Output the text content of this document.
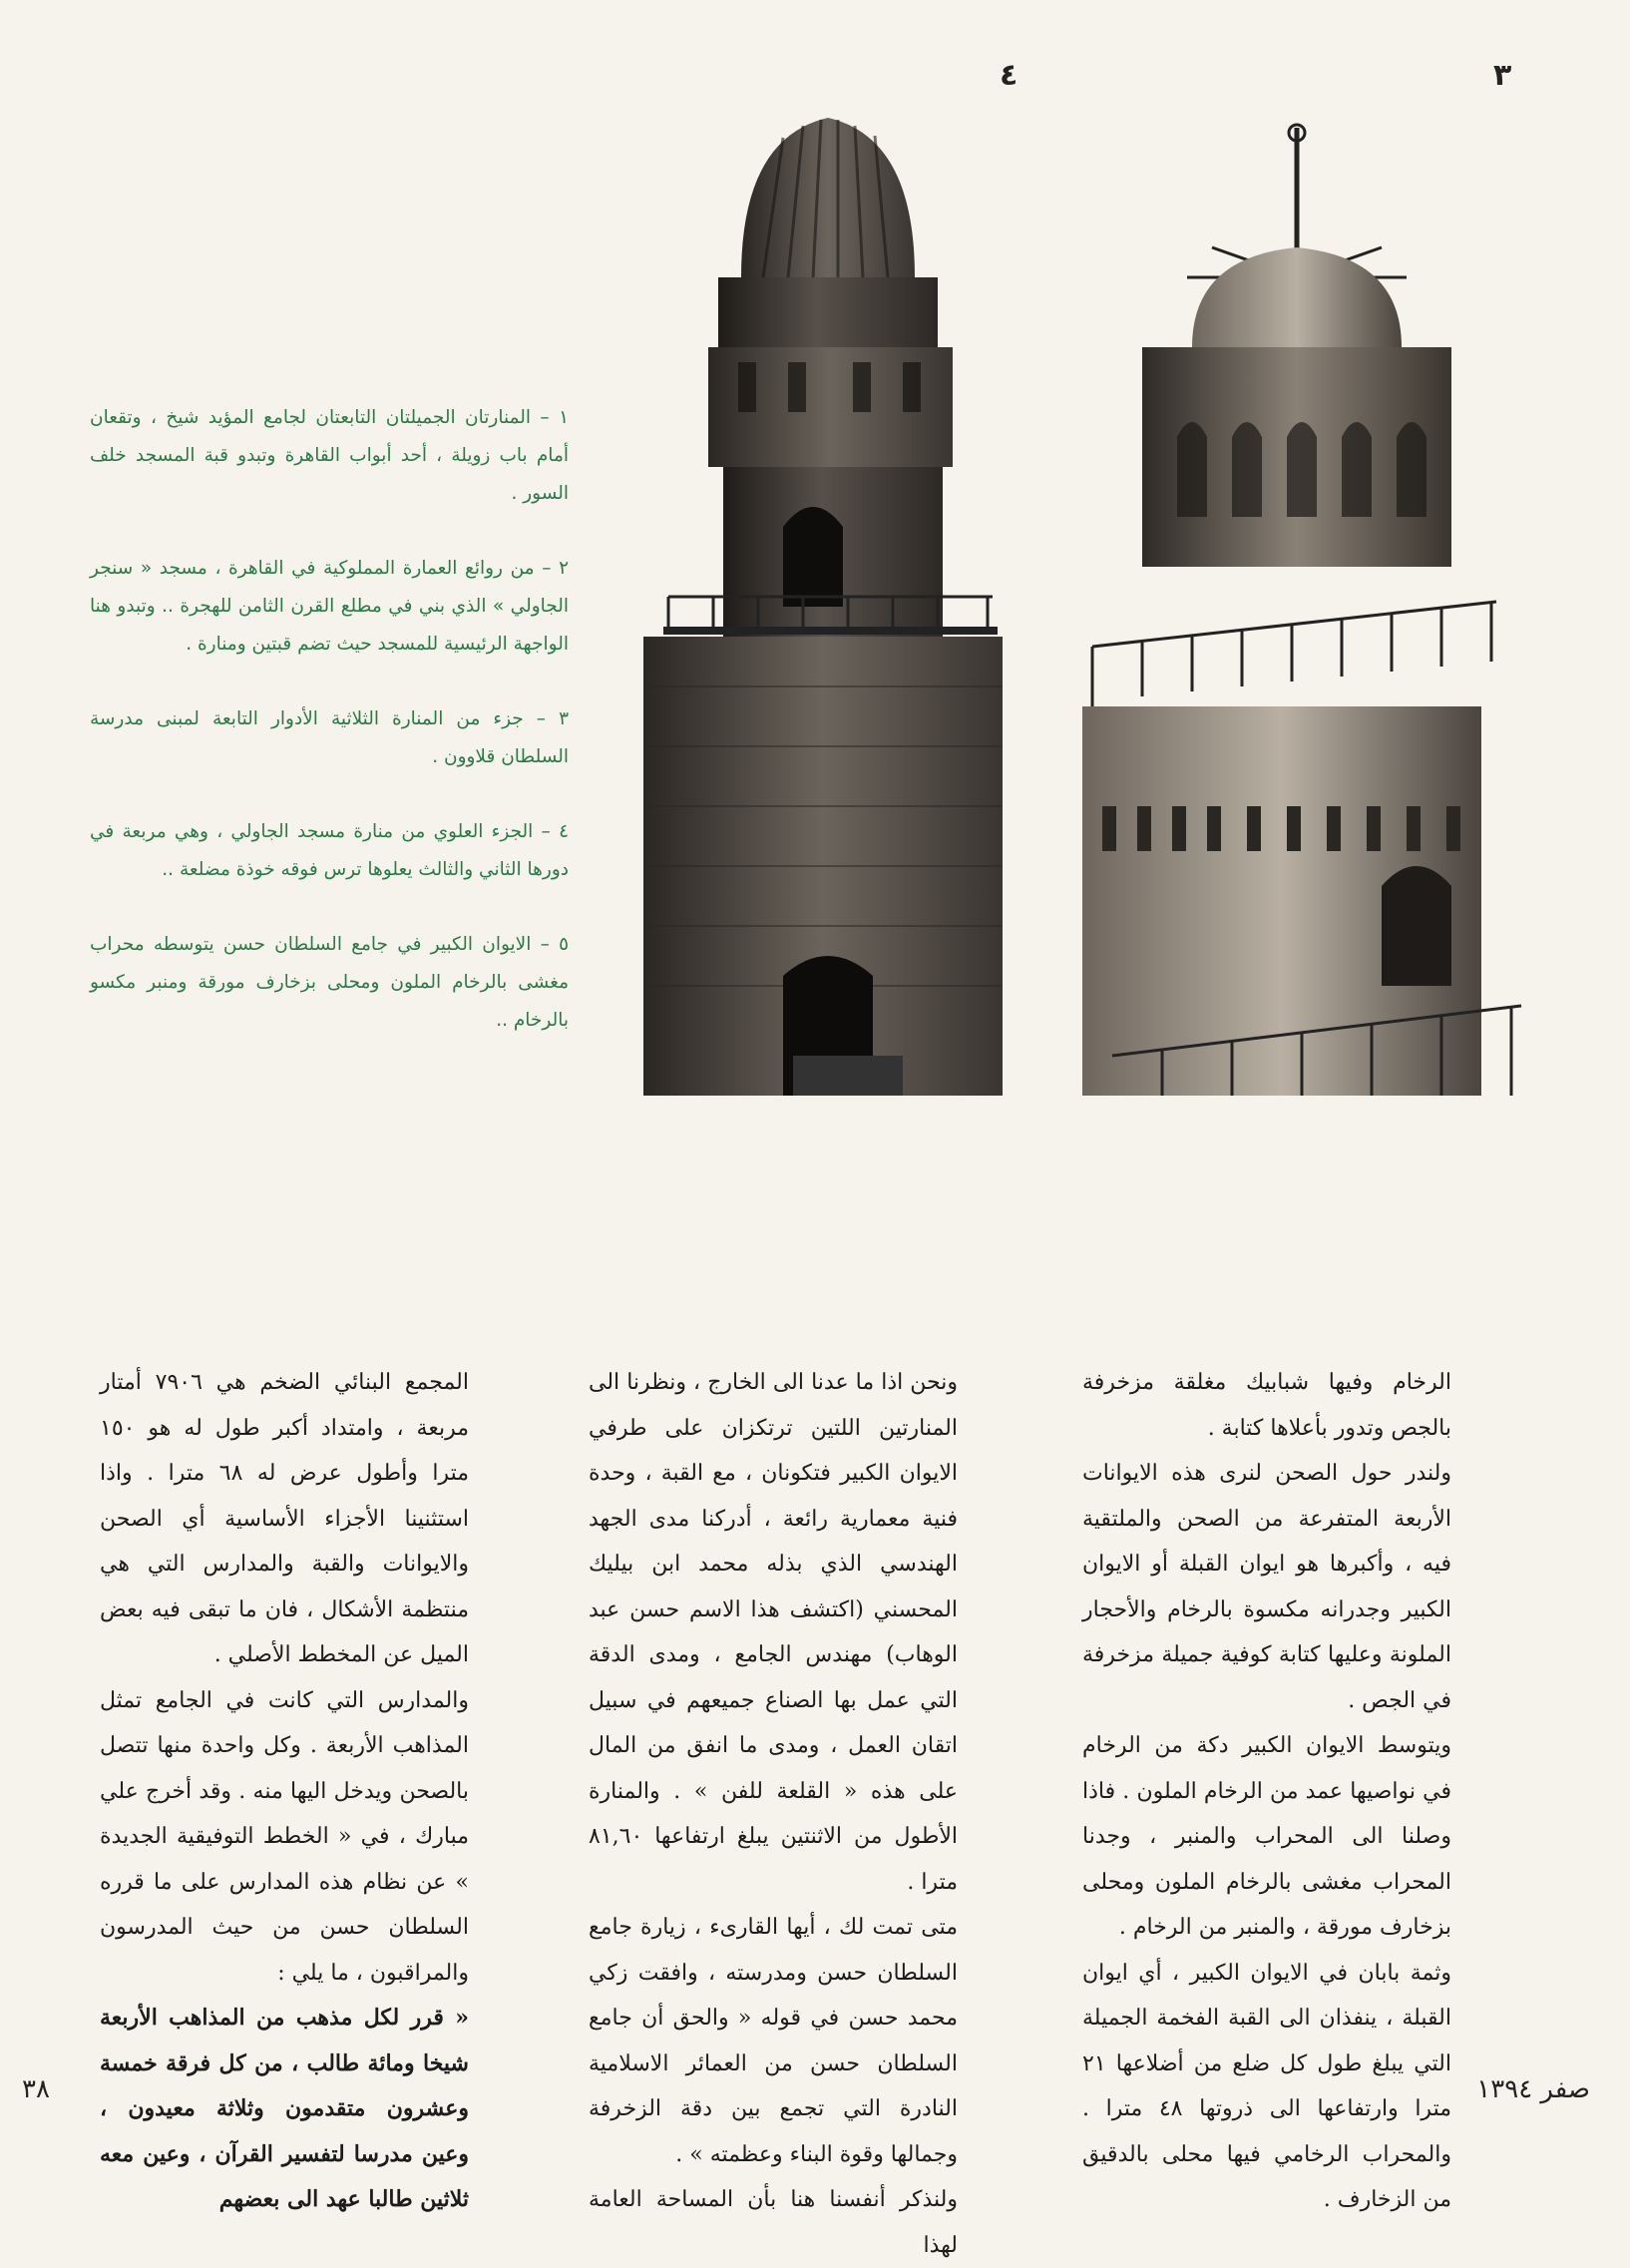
٤	٣

١ – المنارتان الجميلتان التابعتان لجامع المؤيد شيخ ، وتقعان أمام باب زويلة ، أحد أبواب القاهرة وتبدو قبة المسجد خلف السور .

٢ – من روائع العمارة المملوكية في القاهرة ، مسجد « سنجر الجاولي » الذي بني في مطلع القرن الثامن للهجرة .. وتبدو هنا الواجهة الرئيسية للمسجد حيث تضم قبتين ومنارة .

٣ – جزء من المنارة الثلاثية الأدوار التابعة لمبنى مدرسة السلطان قلاوون .

٤ – الجزء العلوي من منارة مسجد الجاولي ، وهي مربعة في دورها الثاني والثالث يعلوها ترس فوقه خوذة مضلعة ..

٥ – الايوان الكبير في جامع السلطان حسن يتوسطه محراب مغشى بالرخام الملون ومحلى بزخارف مورقة ومنبر مكسو بالرخام ..

الرخام وفيها شبابيك مغلقة مزخرفة بالجص وتدور بأعلاها كتابة .

ولندر حول الصحن لنرى هذه الايوانات الأربعة المتفرعة من الصحن والملتقية فيه ، وأكبرها هو ايوان القبلة أو الايوان الكبير وجدرانه مكسوة بالرخام والأحجار الملونة وعليها كتابة كوفية جميلة مزخرفة في الجص .

ويتوسط الايوان الكبير دكة من الرخام في نواصيها عمد من الرخام الملون . فاذا وصلنا الى المحراب والمنبر ، وجدنا المحراب مغشى بالرخام الملون ومحلى بزخارف مورقة ، والمنبر من الرخام .

وثمة بابان في الايوان الكبير ، أي ايوان القبلة ، ينفذان الى القبة الفخمة الجميلة التي يبلغ طول كل ضلع من أضلاعها ٢١ مترا وارتفاعها الى ذروتها ٤٨ مترا . والمحراب الرخامي فيها محلى بالدقيق من الزخارف .

ونحن اذا ما عدنا الى الخارج ، ونظرنا الى المنارتين اللتين ترتكزان على طرفي الايوان الكبير فتكونان ، مع القبة ، وحدة فنية معمارية رائعة ، أدركنا مدى الجهد الهندسي الذي بذله محمد ابن بيليك المحسني (اكتشف هذا الاسم حسن عبد الوهاب) مهندس الجامع ، ومدى الدقة التي عمل بها الصناع جميعهم في سبيل اتقان العمل ، ومدى ما انفق من المال على هذه « القلعة للفن » . والمنارة الأطول من الاثنتين يبلغ ارتفاعها ٨١,٦٠ مترا .

متى تمت لك ، أيها القارىء ، زيارة جامع السلطان حسن ومدرسته ، وافقت زكي محمد حسن في قوله « والحق أن جامع السلطان حسن من العمائر الاسلامية النادرة التي تجمع بين دقة الزخرفة وجمالها وقوة البناء وعظمته » .

ولنذكر أنفسنا هنا بأن المساحة العامة لهذا

المجمع البنائي الضخم هي ٧٩٠٦ أمتار مربعة ، وامتداد أكبر طول له هو ١٥٠ مترا وأطول عرض له ٦٨ مترا . واذا استثنينا الأجزاء الأساسية أي الصحن والايوانات والقبة والمدارس التي هي منتظمة الأشكال ، فان ما تبقى فيه بعض الميل عن المخطط الأصلي .

والمدارس التي كانت في الجامع تمثل المذاهب الأربعة . وكل واحدة منها تتصل بالصحن ويدخل اليها منه . وقد أخرج علي مبارك ، في « الخطط التوفيقية الجديدة » عن نظام هذه المدارس على ما قرره السلطان حسن من حيث المدرسون والمراقبون ، ما يلي :

« قرر لكل مذهب من المذاهب الأربعة شيخا ومائة طالب ، من كل فرقة خمسة وعشرون متقدمون وثلاثة معيدون ، وعين مدرسا لتفسير القرآن ، وعين معه ثلاثين طالبا عهد الى بعضهم

٣٨	صفر ١٣٩٤
